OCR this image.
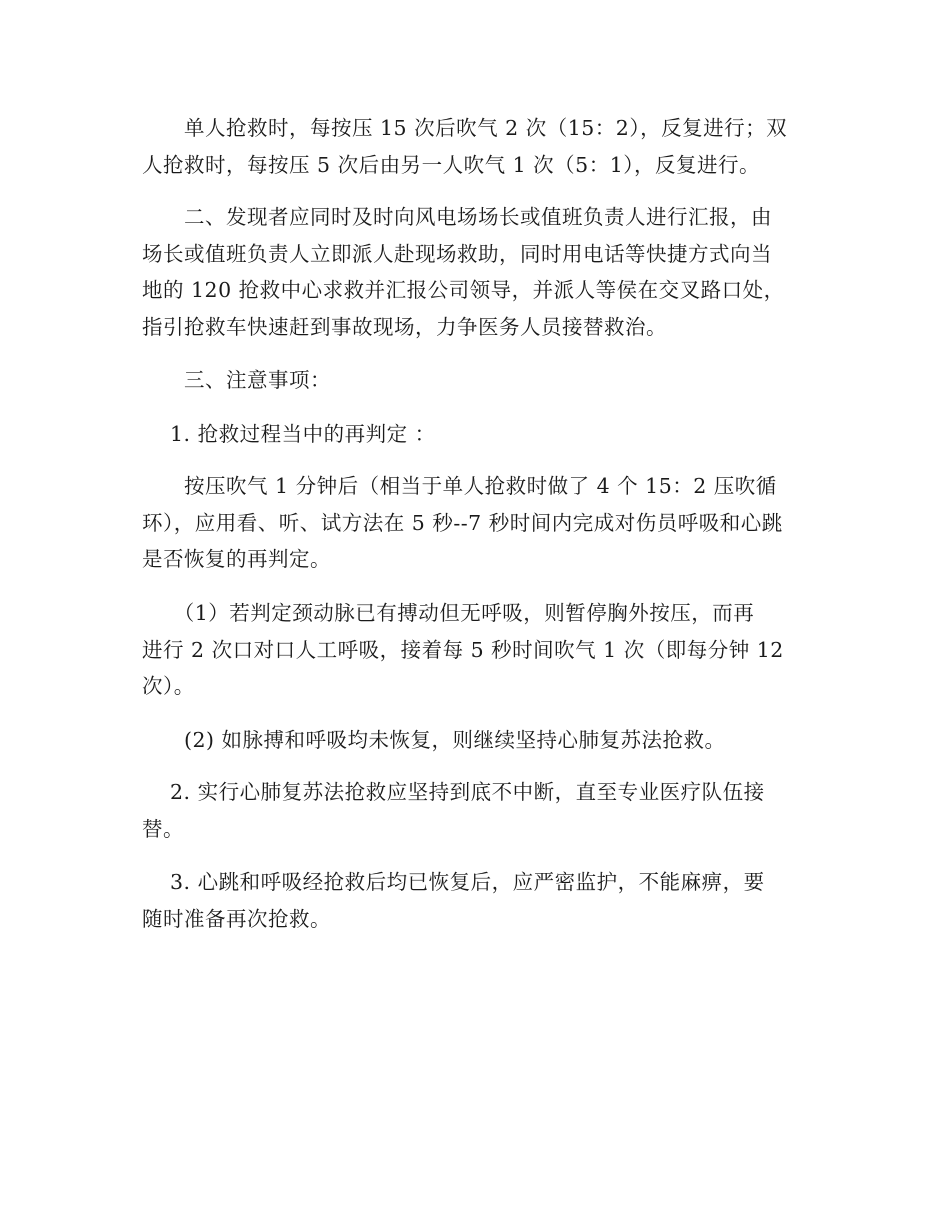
　　单人抢救时，每按压 15 次后吹气 2 次（15：2），反复进行；双
人抢救时，每按压 5 次后由另一人吹气 1 次（5：1），反复进行。
　　二、发现者应同时及时向风电场场长或值班负责人进行汇报，由
场长或值班负责人立即派人赴现场救助，同时用电话等快捷方式向当
地的 120 抢救中心求救并汇报公司领导，并派人等侯在交叉路口处，
指引抢救车快速赶到事故现场，力争医务人员接替救治。
　　三、注意事项：
　 1. 抢救过程当中的再判定 ：
　　按压吹气 1 分钟后（相当于单人抢救时做了 4 个 15：2 压吹循
环），应用看、听、试方法在 5 秒--7 秒时间内完成对伤员呼吸和心跳
是否恢复的再判定。
　　（1）若判定颈动脉已有搏动但无呼吸，则暂停胸外按压，而再
进行 2 次口对口人工呼吸，接着每 5 秒时间吹气 1 次（即每分钟 12
次）。
　　(2) 如脉搏和呼吸均未恢复，则继续坚持心肺复苏法抢救。
　 2. 实行心肺复苏法抢救应坚持到底不中断，直至专业医疗队伍接
替。
　 3. 心跳和呼吸经抢救后均已恢复后，应严密监护，不能麻痹，要
随时准备再次抢救。
